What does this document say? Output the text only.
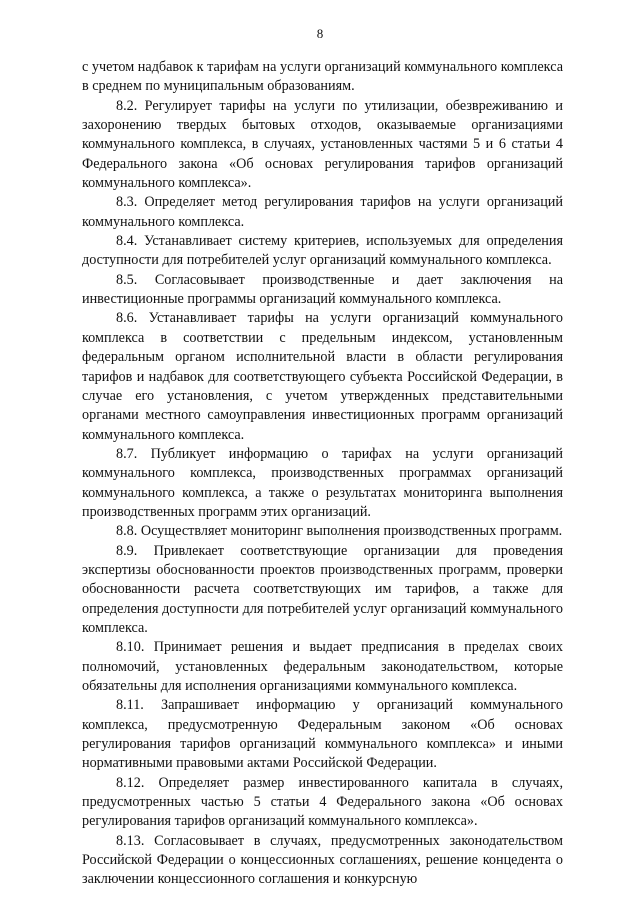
8

с учетом надбавок к тарифам на услуги организаций коммунального комплекса в среднем по муниципальным образованиям.

8.2. Регулирует тарифы на услуги по утилизации, обезвреживанию и захоронению твердых бытовых отходов, оказываемые организациями коммунального комплекса, в случаях, установленных частями 5 и 6 статьи 4 Федерального закона «Об основах регулирования тарифов организаций коммунального комплекса».

8.3. Определяет метод регулирования тарифов на услуги организаций коммунального комплекса.

8.4. Устанавливает систему критериев, используемых для определения доступности для потребителей услуг организаций коммунального комплекса.

8.5. Согласовывает производственные и дает заключения на инвестиционные программы организаций коммунального комплекса.

8.6. Устанавливает тарифы на услуги организаций коммунального комплекса в соответствии с предельным индексом, установленным федеральным органом исполнительной власти в области регулирования тарифов и надбавок для соответствующего субъекта Российской Федерации, в случае его установления, с учетом утвержденных представительными органами местного самоуправления инвестиционных программ организаций коммунального комплекса.

8.7. Публикует информацию о тарифах на услуги организаций коммунального комплекса, производственных программах организаций коммунального комплекса, а также о результатах мониторинга выполнения производственных программ этих организаций.

8.8. Осуществляет мониторинг выполнения производственных программ.

8.9. Привлекает соответствующие организации для проведения экспертизы обоснованности проектов производственных программ, проверки обоснованности расчета соответствующих им тарифов, а также для определения доступности для потребителей услуг организаций коммунального комплекса.

8.10. Принимает решения и выдает предписания в пределах своих полномочий, установленных федеральным законодательством, которые обязательны для исполнения организациями коммунального комплекса.

8.11. Запрашивает информацию у организаций коммунального комплекса, предусмотренную Федеральным законом «Об основах регулирования тарифов организаций коммунального комплекса» и иными нормативными правовыми актами Российской Федерации.

8.12. Определяет размер инвестированного капитала в случаях, предусмотренных частью 5 статьи 4 Федерального закона «Об основах регулирования тарифов организаций коммунального комплекса».

8.13. Согласовывает в случаях, предусмотренных законодательством Российской Федерации о концессионных соглашениях, решение концедента о заключении концессионного соглашения и конкурсную
